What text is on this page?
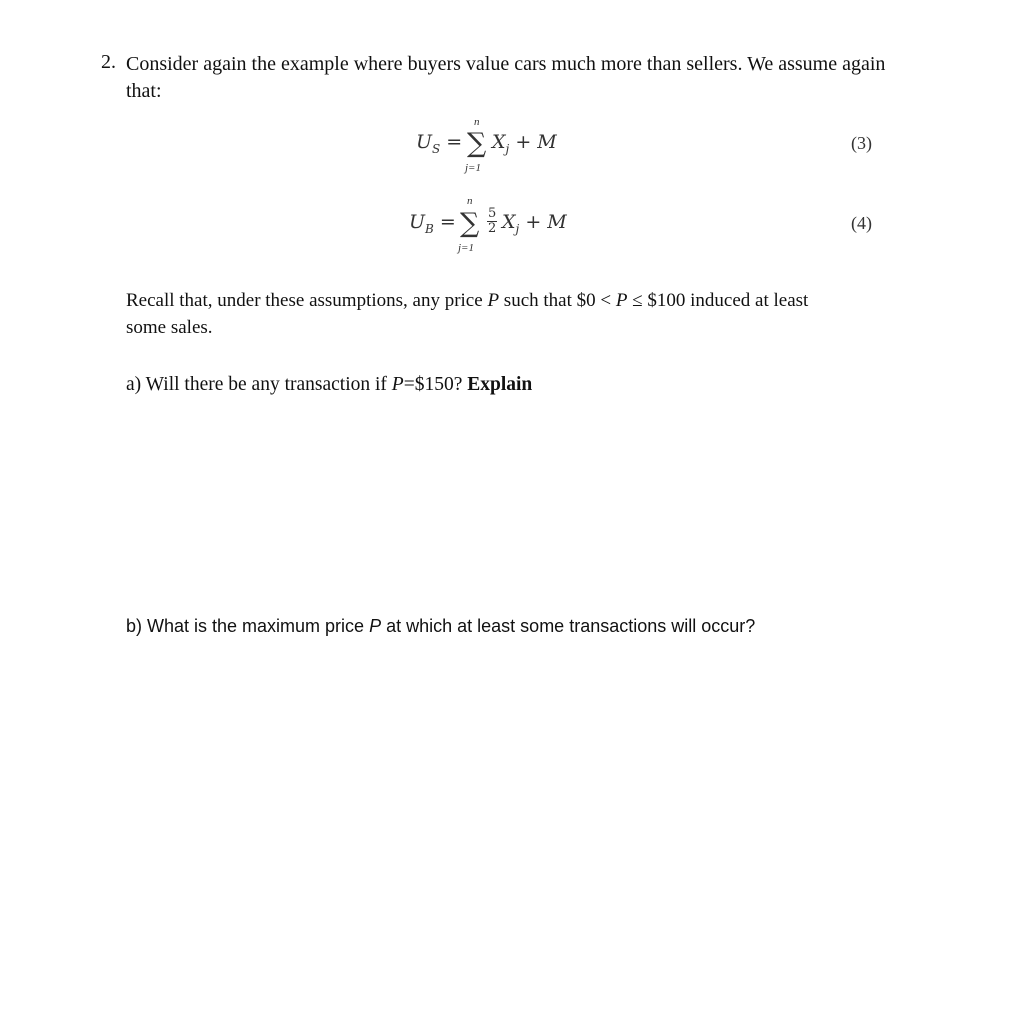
2. Consider again the example where buyers value cars much more than sellers. We assume again
that:
$U_S$ =
n
∑
j=1
$X_j + M$	(3)
$U_B$ =
n
∑
j=1
$\frac{5}{2} X_j + M$	(4)
Recall that, under these assumptions, any price P such that $0 < P ≤ $100 induced at least
some sales.
a) Will there be any transaction if P=$150? Explain
b) What is the maximum price P at which at least some transactions will occur?
